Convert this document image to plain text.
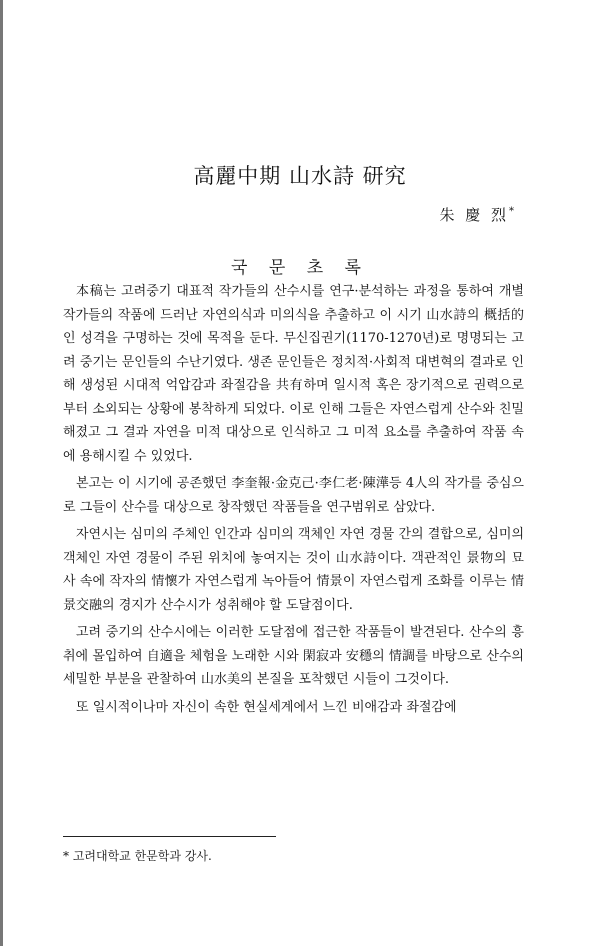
高麗中期 山水詩 研究
朱 慶 烈*
국 문 초 록

本稿는 고려중기 대표적 작가들의 산수시를 연구·분석하는 과정을 통하여 개별작가들의 작품에 드러난 자연의식과 미의식을 추출하고 이 시기 山水詩의 概括的인 성격을 구명하는 것에 목적을 둔다. 무신집권기(1170-1270년)로 명명되는 고려 중기는 문인들의 수난기였다. 생존 문인들은 정치적·사회적 대변혁의 결과로 인해 생성된 시대적 억압감과 좌절감을 共有하며 일시적 혹은 장기적으로 권력으로부터 소외되는 상황에 봉착하게 되었다. 이로 인해 그들은 자연스럽게 산수와 친밀해졌고 그 결과 자연을 미적 대상으로 인식하고 그 미적 요소를 추출하여 작품 속에 용해시킬 수 있었다.

본고는 이 시기에 공존했던 李奎報·金克己·李仁老·陳澕등 4人의 작가를 중심으로 그들이 산수를 대상으로 창작했던 작품들을 연구범위로 삼았다.

자연시는 심미의 주체인 인간과 심미의 객체인 자연 경물 간의 결합으로, 심미의 객체인 자연 경물이 주된 위치에 놓여지는 것이 山水詩이다. 객관적인 景物의 묘사 속에 작자의 情懷가 자연스럽게 녹아들어 情景이 자연스럽게 조화를 이루는 情景交融의 경지가 산수시가 성취해야 할 도달점이다.

고려 중기의 산수시에는 이러한 도달점에 접근한 작품들이 발견된다. 산수의 흥취에 몰입하여 自適을 체험을 노래한 시와 閑寂과 安穩의 情調를 바탕으로 산수의 세밀한 부분을 관찰하여 山水美의 본질을 포착했던 시들이 그것이다.

또 일시적이나마 자신이 속한 현실세계에서 느낀 비애감과 좌절감에

* 고려대학교 한문학과 강사.
